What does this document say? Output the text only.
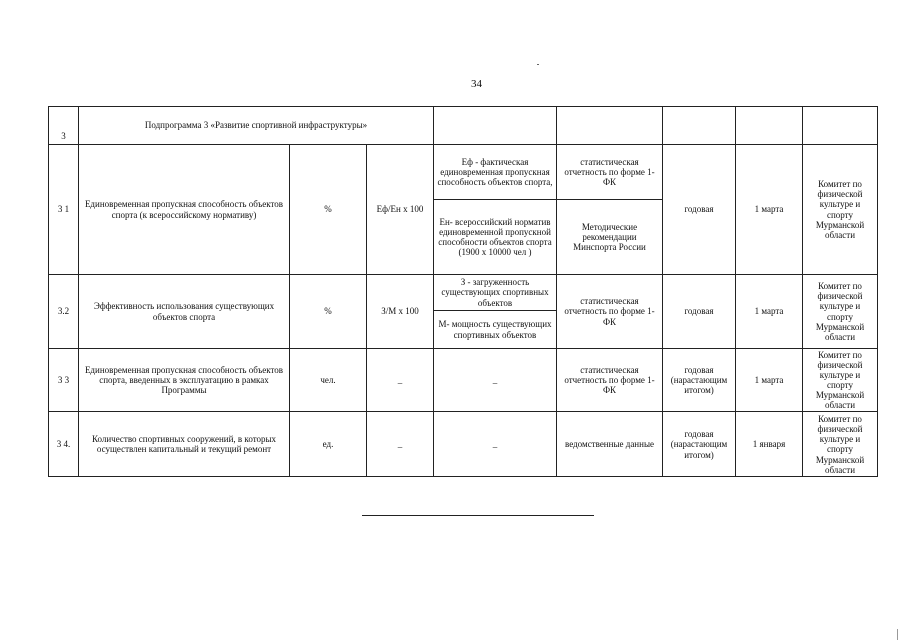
34
3	Подпрограмма 3 «Развитие спортивной инфраструктуры»							
3 1	Единовременная пропускная способность объектов спорта (к всероссийскому нормативу)	%	Еф/Ен х 100	Еф - фактическая единовременная пропускная способность объектов спорта,	статистическая отчетность по форме 1-ФК	годовая	1 марта	Комитет по физической культуре и спорту Мурманской области
				Ен- всероссийский норматив единовременной пропускной способности объектов спорта (1900 х 10000 чел )	Методические рекомендации Минспорта России			
3.2	Эффективность использования существующих объектов спорта	%	З/М х 100	З - загруженность существующих спортивных объектов	статистическая отчетность по форме 1-ФК	годовая	1 марта	Комитет по физической культуре и спорту Мурманской области
				М- мощность существующих спортивных объектов				
3 3	Единовременная пропускная способность объектов спорта, введенных в эксплуатацию в рамках Программы	чел.	_	_	статистическая отчетность по форме 1-ФК	годовая (нарастающим итогом)	1 марта	Комитет по физической культуре и спорту Мурманской области
3 4.	Количество спортивных сооружений, в которых осуществлен капитальный и текущий ремонт	ед.	_	_	ведомственные данные	годовая (нарастающим итогом)	1 января	Комитет по физической культуре и спорту Мурманской области
